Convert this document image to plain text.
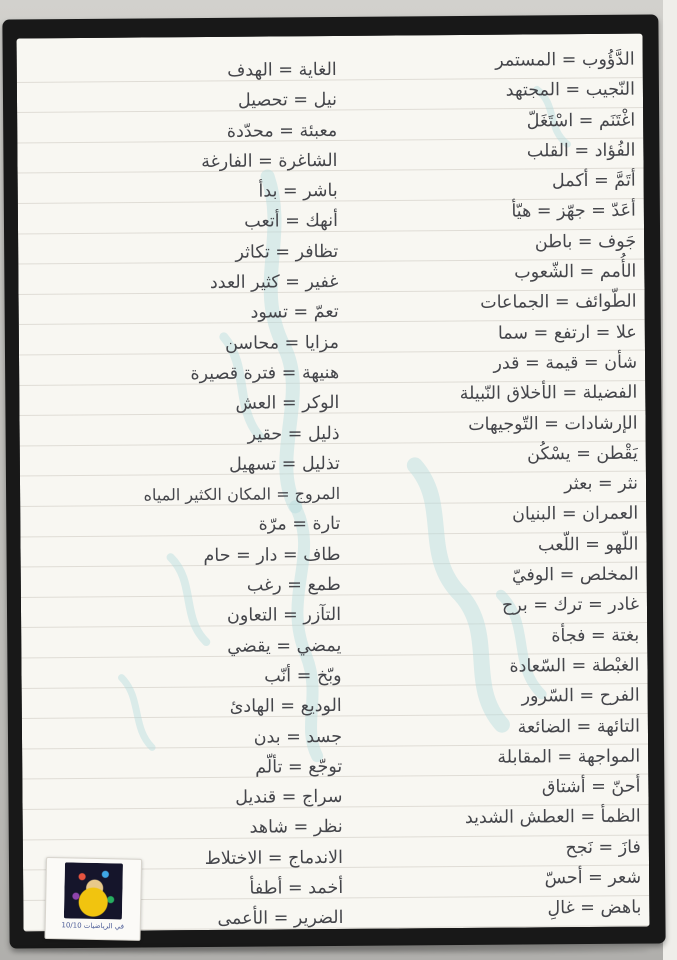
الدَّؤُوب = المستمر
النّجيب = المجتهد
اغْتَنَم = اسْتَغَلّ
الفُؤاد = القلب
أتَمَّ = أكمل
أعَدّ = جهّز = هيّأ
جَوف = باطن
الأُمم = الشّعوب
الطّوائف = الجماعات
علا = ارتفع = سما
شأن = قيمة = قدر
الفضيلة = الأخلاق النّبيلة
الإرشادات = التّوجيهات
يَقْطن = يسْكُن
نثر = بعثر
العمران = البنيان
اللّهو = اللّعب
المخلص = الوفيّ
غادر = ترك = برح
بغتة = فجأة
الغبْطة = السّعادة
الفرح = السّرور
التائهة = الضائعة
المواجهة = المقابلة
أحنّ = أشتاق
الظمأ = العطش الشديد
فازَ = نَجح
شعر = أحسّ
باهض = غالِ
الغاية = الهدف
نيل = تحصيل
معبئة = محدّدة
الشاغرة = الفارغة
باشر = بدأ
أنهك = أتعب
تظافر = تكاثر
غفير = كثير العدد
تعمّ = تسود
مزايا = محاسن
هنيهة = فترة قصيرة
الوكر = العش
ذليل = حقير
تذليل = تسهيل
المروج = المكان الكثير المياه
تارة = مرّة
طاف = دار = حام
طمع = رغب
التآزر = التعاون
يمضي = يقضي
وبّخ = أنّب
الوديع = الهادئ
جسد = بدن
توجّع = تألّم
سراج = قنديل
نظر = شاهد
الاندماج = الاختلاط
أخمد = أطفأ
الضرير = الأعمى
10/10 في الرياضيات
